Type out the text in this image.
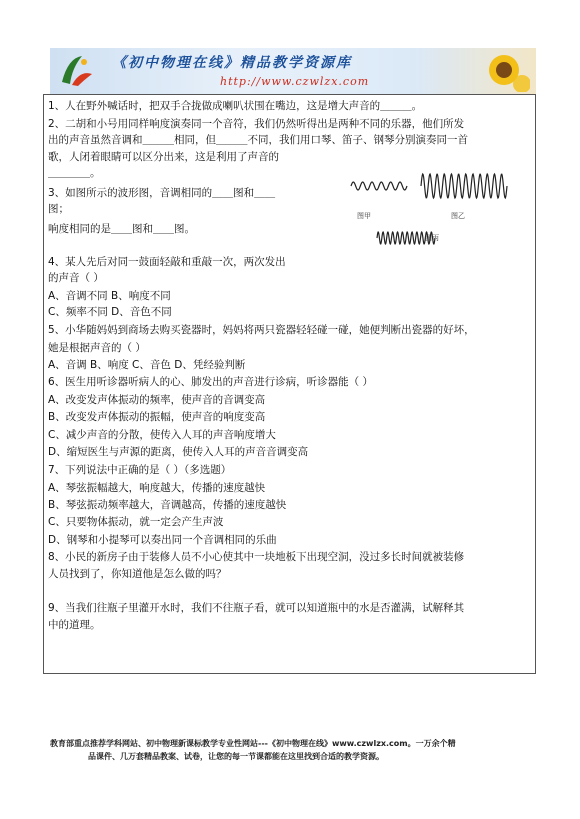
《初中物理在线》精品教学资源库
http://www.czwlzx.com
1、人在野外喊话时，把双手合拢做成喇叭状围在嘴边，这是增大声音的＿＿＿。
2、二胡和小号用同样响度演奏同一个音符，我们仍然听得出是两种不同的乐器，他们所发
出的声音虽然音调和＿＿＿相同，但＿＿＿不同，我们用口琴、笛子、钢琴分别演奏同一首
歌，人闭着眼睛可以区分出来，这是利用了声音的
＿＿＿＿。
3、如图所示的波形图，音调相同的＿＿图和＿＿
图；
响度相同的是＿＿图和＿＿图。
4、某人先后对同一鼓面轻敲和重敲一次，两次发出
的声音（ ）
A、音调不同 B、响度不同
C、频率不同 D、音色不同
5、小华随妈妈到商场去购买瓷器时，妈妈将两只瓷器轻轻碰一碰，她便判断出瓷器的好坏，
她是根据声音的（ ）
A、音调 B、响度 C、音色 D、凭经验判断
6、医生用听诊器听病人的心、肺发出的声音进行诊病，听诊器能（ ）
A、改变发声体振动的频率，使声音的音调变高
B、改变发声体振动的振幅，使声音的响度变高
C、减少声音的分散，使传入人耳的声音响度增大
D、缩短医生与声源的距离，使传入人耳的声音音调变高
7、下列说法中正确的是（ ）（多选题）
A、琴弦振幅越大，响度越大，传播的速度越快
B、琴弦振动频率越大，音调越高，传播的速度越快
C、只要物体振动，就一定会产生声波
D、钢琴和小提琴可以奏出同一个音调相同的乐曲
8、小民的新房子由于装修人员不小心使其中一块地板下出现空洞，没过多长时间就被装修
人员找到了，你知道他是怎么做的吗？
9、当我们往瓶子里灌开水时，我们不往瓶子看，就可以知道瓶中的水是否灌满，试解释其
中的道理。
图甲	图乙
图丙
教育部重点推荐学科网站、初中物理新课标教学专业性网站---《初中物理在线》www.czwlzx.com。一万余个精
品课件、几万套精品教案、试卷，让您的每一节课都能在这里找到合适的教学资源。
